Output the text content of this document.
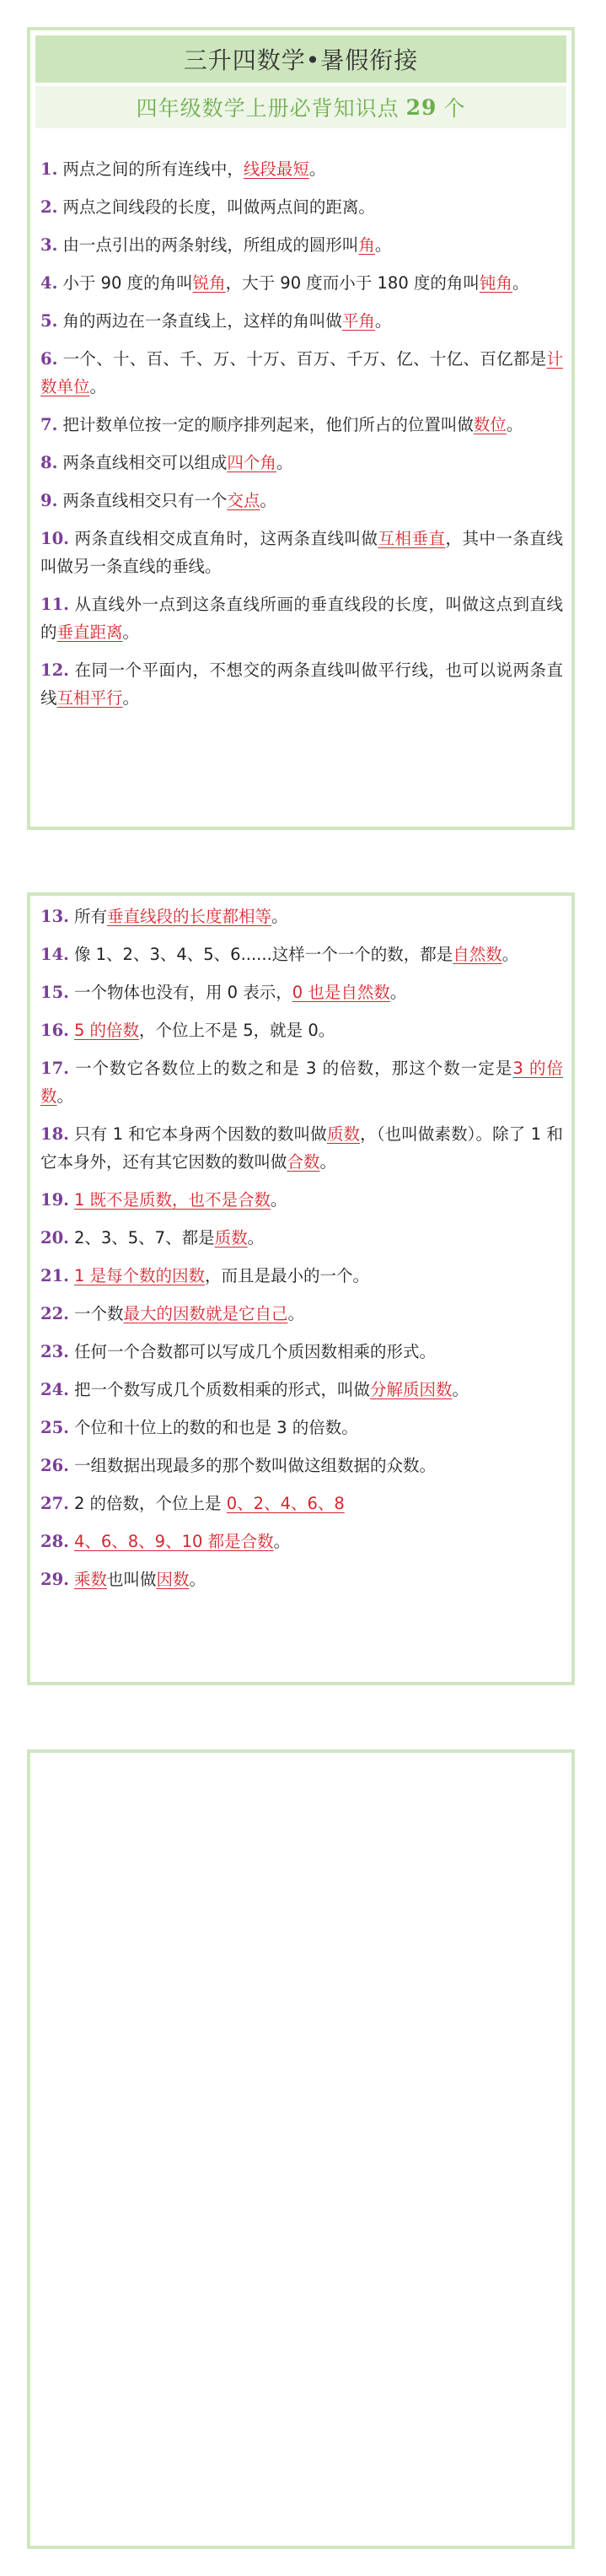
三升四数学•暑假衔接
四年级数学上册必背知识点 29 个
1. 两点之间的所有连线中，线段最短。
2. 两点之间线段的长度，叫做两点间的距离。
3. 由一点引出的两条射线，所组成的圆形叫角。
4. 小于 90 度的角叫锐角，大于 90 度而小于 180 度的角叫钝角。
5. 角的两边在一条直线上，这样的角叫做平角。
6. 一个、十、百、千、万、十万、百万、千万、亿、十亿、百亿都是计数单位。
7. 把计数单位按一定的顺序排列起来，他们所占的位置叫做数位。
8. 两条直线相交可以组成四个角。
9. 两条直线相交只有一个交点。
10. 两条直线相交成直角时，这两条直线叫做互相垂直，其中一条直线叫做另一条直线的垂线。
11. 从直线外一点到这条直线所画的垂直线段的长度，叫做这点到直线的垂直距离。
12. 在同一个平面内，不想交的两条直线叫做平行线，也可以说两条直线互相平行。
13. 所有垂直线段的长度都相等。
14. 像 1、2、3、4、5、6......这样一个一个的数，都是自然数。
15. 一个物体也没有，用 0 表示，0 也是自然数。
16. 5 的倍数，个位上不是 5，就是 0。
17. 一个数它各数位上的数之和是 3 的倍数，那这个数一定是3 的倍数。
18. 只有 1 和它本身两个因数的数叫做质数，（也叫做素数）。除了 1 和它本身外，还有其它因数的数叫做合数。
19. 1 既不是质数，也不是合数。
20. 2、3、5、7、都是质数。
21. 1 是每个数的因数，而且是最小的一个。
22. 一个数最大的因数就是它自己。
23. 任何一个合数都可以写成几个质因数相乘的形式。
24. 把一个数写成几个质数相乘的形式，叫做分解质因数。
25. 个位和十位上的数的和也是 3 的倍数。
26. 一组数据出现最多的那个数叫做这组数据的众数。
27. 2 的倍数，个位上是 0、2、4、6、8
28. 4、6、8、9、10 都是合数。
29. 乘数也叫做因数。
